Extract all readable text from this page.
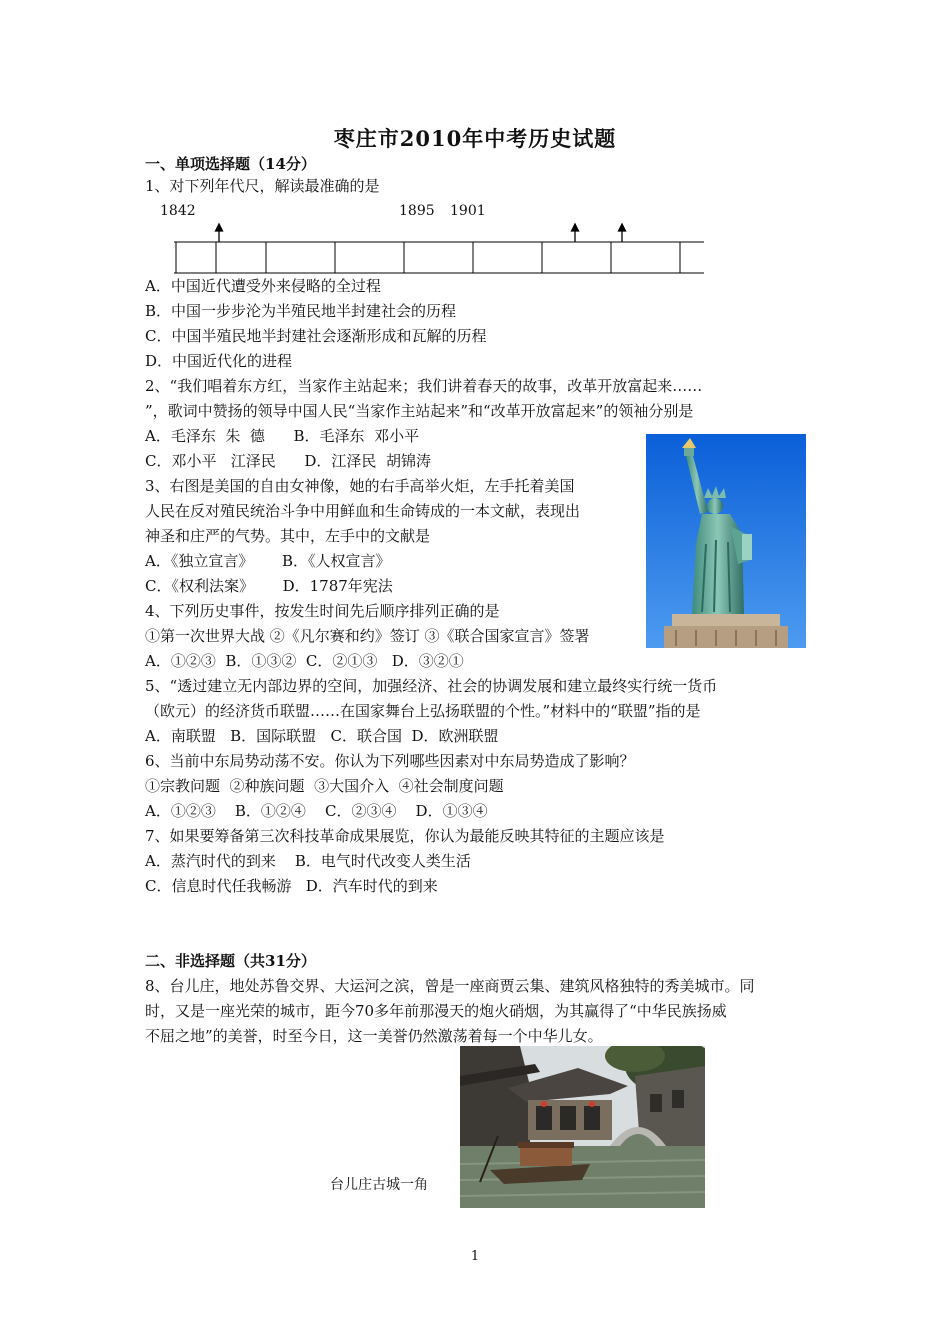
枣庄市2010年中考历史试题
一、单项选择题（14分）
1、对下列年代尺，解读最准确的是
1842	1895 1901
A．中国近代遭受外来侵略的全过程
B．中国一步步沦为半殖民地半封建社会的历程
C．中国半殖民地半封建社会逐渐形成和瓦解的历程
D．中国近代化的进程
2、“我们唱着东方红，当家作主站起来；我们讲着春天的故事，改革开放富起来……
”，歌词中赞扬的领导中国人民“当家作主站起来”和“改革开放富起来”的领袖分别是
A．毛泽东  朱  德      B．毛泽东  邓小平
C．邓小平   江泽民      D．江泽民  胡锦涛
3、右图是美国的自由女神像，她的右手高举火炬，左手托着美国
人民在反对殖民统治斗争中用鲜血和生命铸成的一本文献，表现出
神圣和庄严的气势。其中，左手中的文献是
A．《独立宣言》      B．《人权宣言》
C．《权利法案》      D．1787年宪法
4、下列历史事件，按发生时间先后顺序排列正确的是
①第一次世界大战 ②《凡尔赛和约》签订 ③《联合国家宣言》签署
A．①②③  B．①③②  C．②①③   D．③②①
5、“透过建立无内部边界的空间，加强经济、社会的协调发展和建立最终实行统一货币
（欧元）的经济货币联盟……在国家舞台上弘扬联盟的个性。”材料中的“联盟”指的是
A．南联盟   B．国际联盟   C．联合国  D．欧洲联盟
6、当前中东局势动荡不安。你认为下列哪些因素对中东局势造成了影响？
①宗教问题  ②种族问题  ③大国介入  ④社会制度问题
A．①②③    B．①②④    C．②③④    D．①③④
7、如果要筹备第三次科技革命成果展览，你认为最能反映其特征的主题应该是
A．蒸汽时代的到来    B．电气时代改变人类生活
C．信息时代任我畅游   D．汽车时代的到来
二、非选择题（共31分）
8、台儿庄，地处苏鲁交界、大运河之滨，曾是一座商贾云集、建筑风格独特的秀美城市。同
时，又是一座光荣的城市，距今70多年前那漫天的炮火硝烟，为其赢得了“中华民族扬威
不屈之地”的美誉，时至今日，这一美誉仍然激荡着每一个中华儿女。
台儿庄古城一角
1
